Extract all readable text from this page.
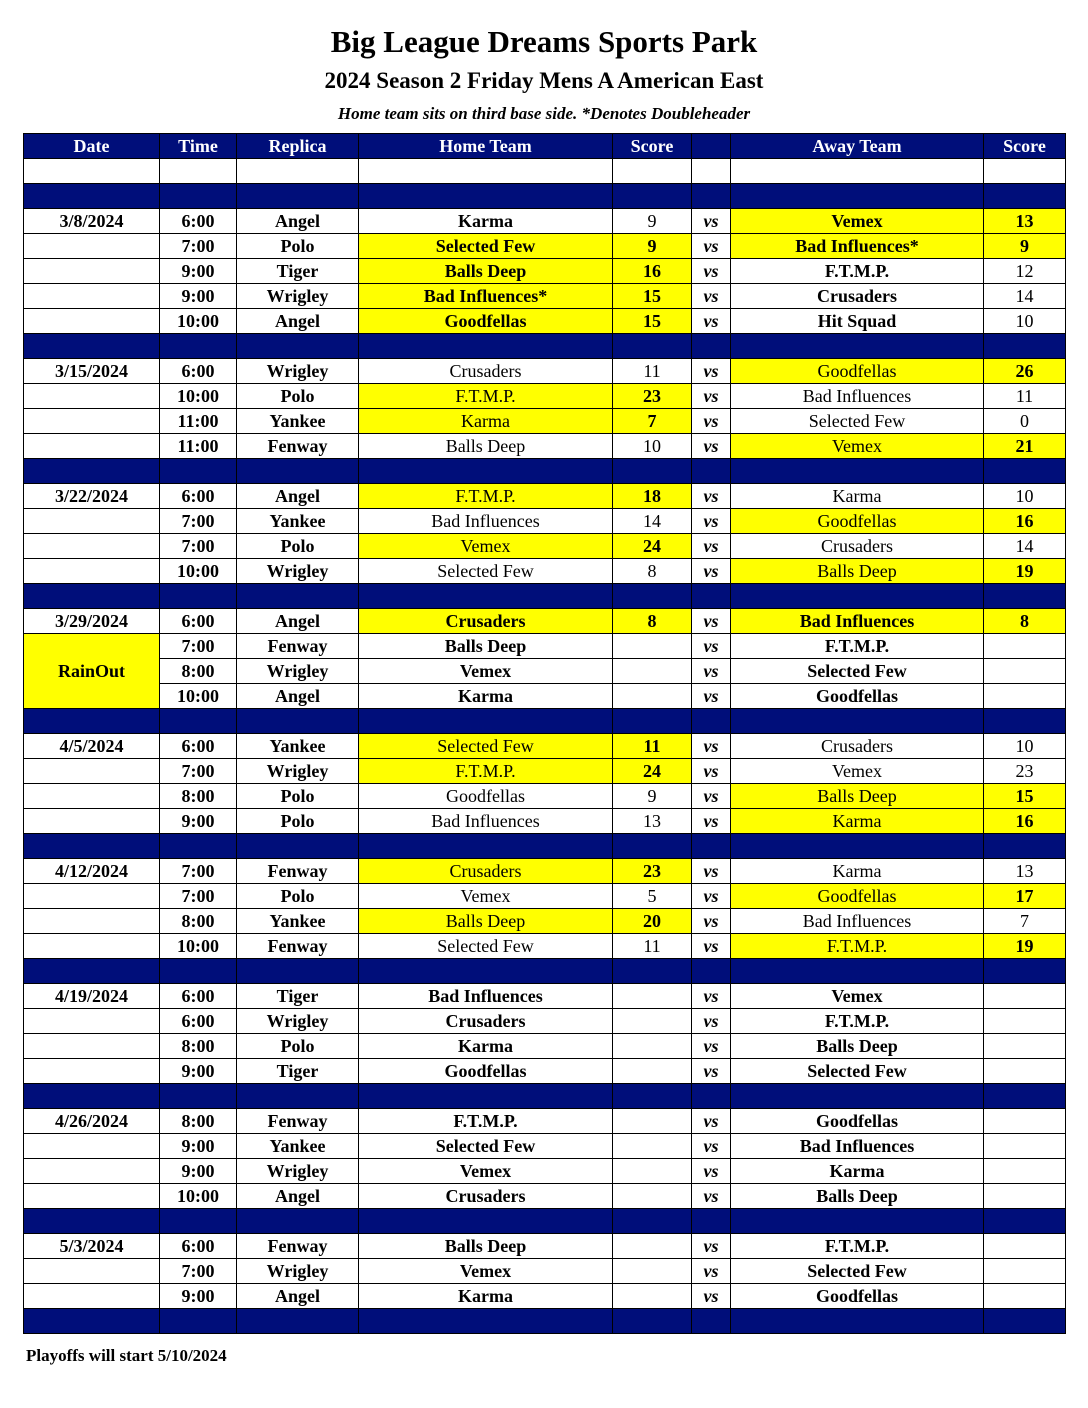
Big League Dreams Sports Park
2024 Season 2 Friday Mens A American East
Home team sits on third base side. *Denotes Doubleheader
Date	Time	Replica	Home Team	Score		Away Team	Score

3/8/2024	6:00	Angel	Karma	9	vs	Vemex	13
	7:00	Polo	Selected Few	9	vs	Bad Influences*	9
	9:00	Tiger	Balls Deep	16	vs	F.T.M.P.	12
	9:00	Wrigley	Bad Influences*	15	vs	Crusaders	14
	10:00	Angel	Goodfellas	15	vs	Hit Squad	10

3/15/2024	6:00	Wrigley	Crusaders	11	vs	Goodfellas	26
	10:00	Polo	F.T.M.P.	23	vs	Bad Influences	11
	11:00	Yankee	Karma	7	vs	Selected Few	0
	11:00	Fenway	Balls Deep	10	vs	Vemex	21

3/22/2024	6:00	Angel	F.T.M.P.	18	vs	Karma	10
	7:00	Yankee	Bad Influences	14	vs	Goodfellas	16
	7:00	Polo	Vemex	24	vs	Crusaders	14
	10:00	Wrigley	Selected Few	8	vs	Balls Deep	19

3/29/2024	6:00	Angel	Crusaders	8	vs	Bad Influences	8
RainOut	7:00	Fenway	Balls Deep		vs	F.T.M.P.	
	8:00	Wrigley	Vemex		vs	Selected Few	
	10:00	Angel	Karma		vs	Goodfellas	

4/5/2024	6:00	Yankee	Selected Few	11	vs	Crusaders	10
	7:00	Wrigley	F.T.M.P.	24	vs	Vemex	23
	8:00	Polo	Goodfellas	9	vs	Balls Deep	15
	9:00	Polo	Bad Influences	13	vs	Karma	16

4/12/2024	7:00	Fenway	Crusaders	23	vs	Karma	13
	7:00	Polo	Vemex	5	vs	Goodfellas	17
	8:00	Yankee	Balls Deep	20	vs	Bad Influences	7
	10:00	Fenway	Selected Few	11	vs	F.T.M.P.	19

4/19/2024	6:00	Tiger	Bad Influences		vs	Vemex	
	6:00	Wrigley	Crusaders		vs	F.T.M.P.	
	8:00	Polo	Karma		vs	Balls Deep	
	9:00	Tiger	Goodfellas		vs	Selected Few	

4/26/2024	8:00	Fenway	F.T.M.P.		vs	Goodfellas	
	9:00	Yankee	Selected Few		vs	Bad Influences	
	9:00	Wrigley	Vemex		vs	Karma	
	10:00	Angel	Crusaders		vs	Balls Deep	

5/3/2024	6:00	Fenway	Balls Deep		vs	F.T.M.P.	
	7:00	Wrigley	Vemex		vs	Selected Few	
	9:00	Angel	Karma		vs	Goodfellas	

Playoffs will start 5/10/2024
